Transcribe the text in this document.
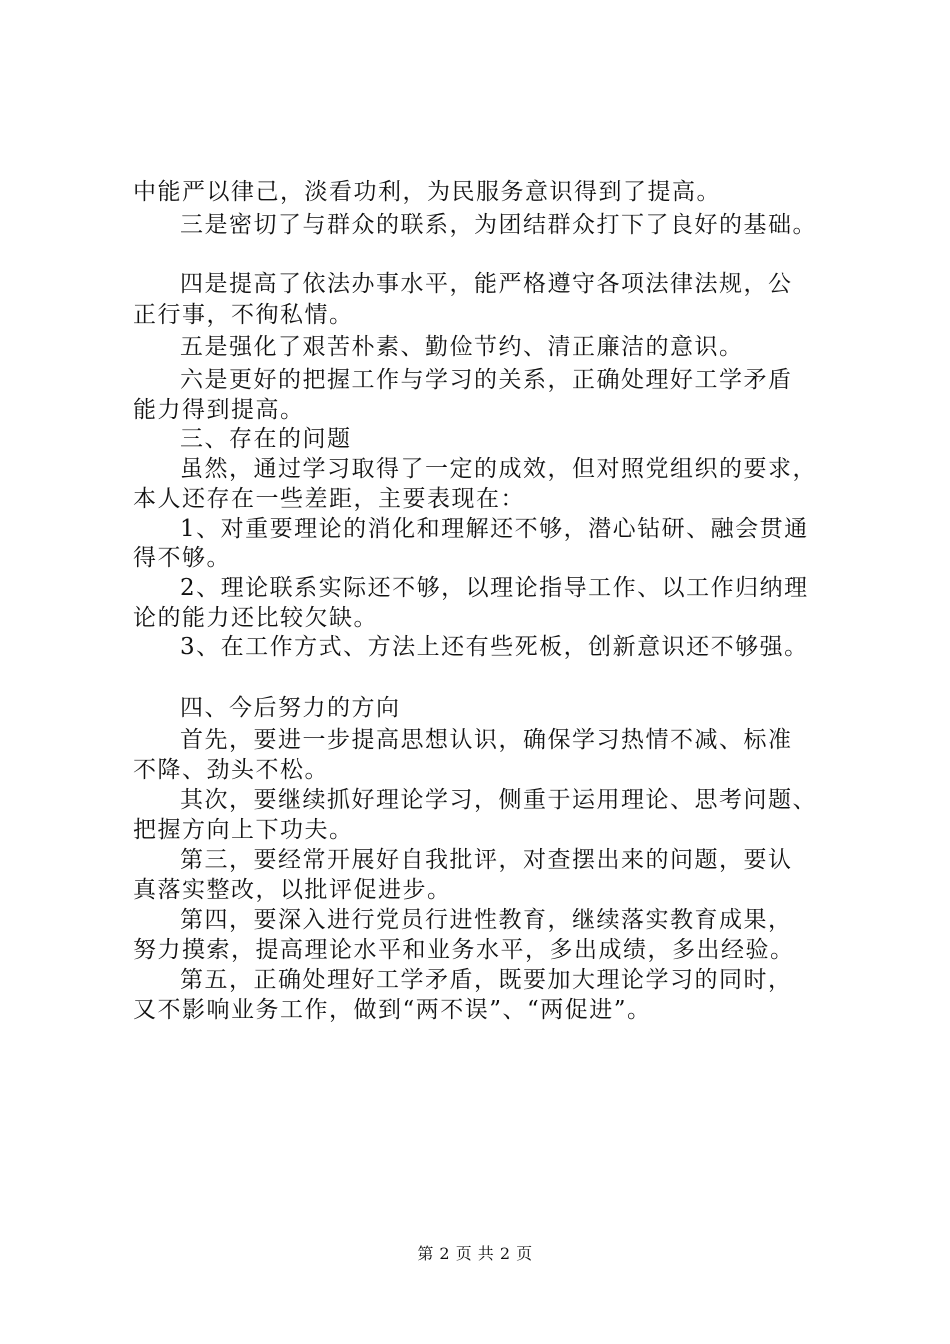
中能严以律己，淡看功利，为民服务意识得到了提高。
三是密切了与群众的联系，为团结群众打下了良好的基础。
四是提高了依法办事水平，能严格遵守各项法律法规，公
正行事，不徇私情。
五是强化了艰苦朴素、勤俭节约、清正廉洁的意识。
六是更好的把握工作与学习的关系，正确处理好工学矛盾
能力得到提高。
三、存在的问题
虽然，通过学习取得了一定的成效，但对照党组织的要求，
本人还存在一些差距，主要表现在：
1、对重要理论的消化和理解还不够，潜心钻研、融会贯通
得不够。
2、理论联系实际还不够，以理论指导工作、以工作归纳理
论的能力还比较欠缺。
3、在工作方式、方法上还有些死板，创新意识还不够强。
四、今后努力的方向
首先，要进一步提高思想认识，确保学习热情不减、标准
不降、劲头不松。
其次，要继续抓好理论学习，侧重于运用理论、思考问题、
把握方向上下功夫。
第三，要经常开展好自我批评，对查摆出来的问题，要认
真落实整改，以批评促进步。
第四，要深入进行党员行进性教育，继续落实教育成果，
努力摸索，提高理论水平和业务水平，多出成绩，多出经验。
第五，正确处理好工学矛盾，既要加大理论学习的同时，
又不影响业务工作，做到“两不误”、“两促进”。
第 2 页 共 2 页
